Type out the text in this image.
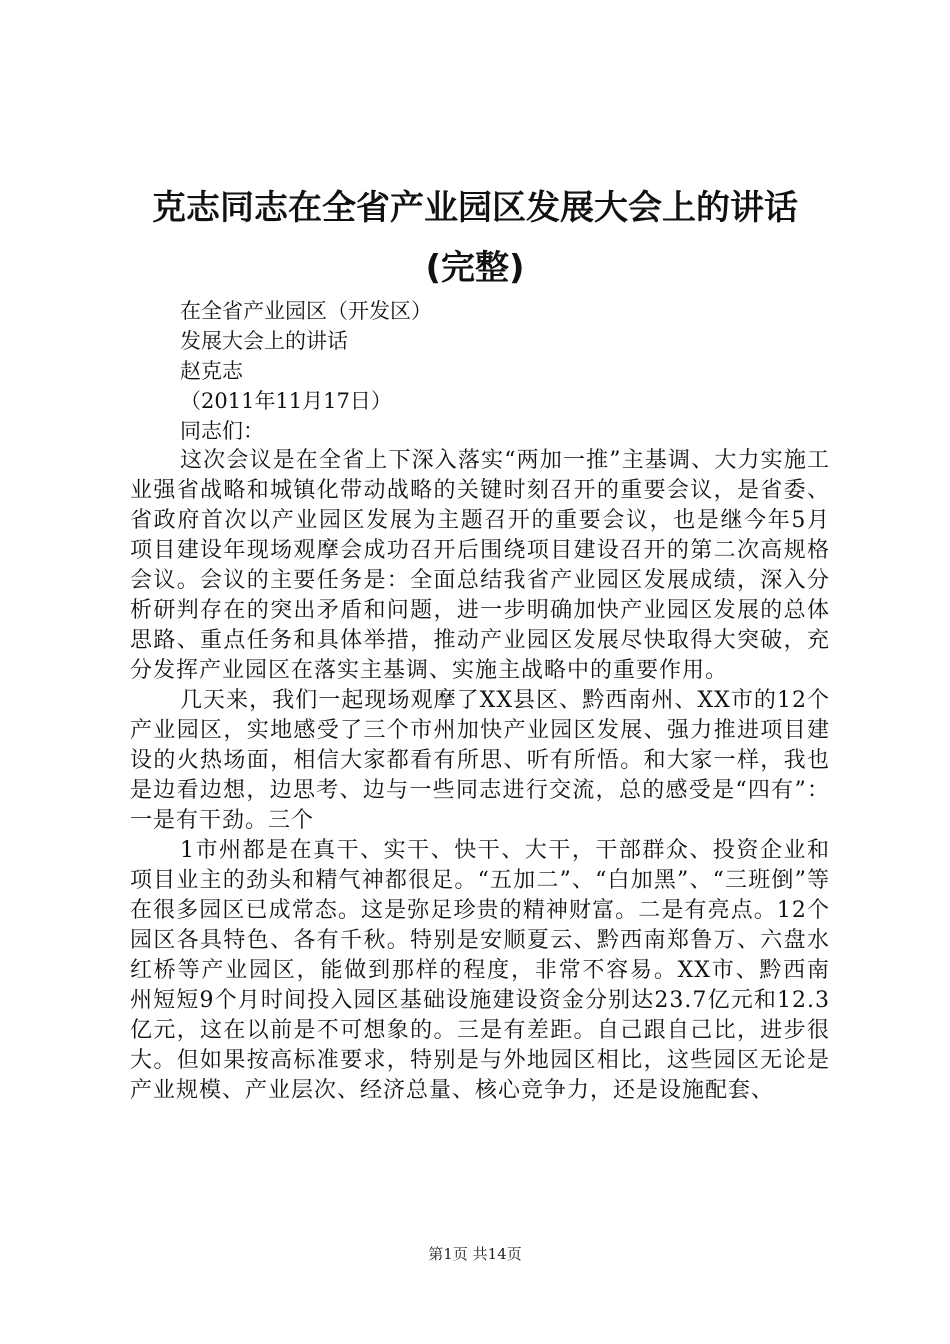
克志同志在全省产业园区发展大会上的讲话
(完整)

在全省产业园区（开发区）

发展大会上的讲话

赵克志

（2011年11月17日）

同志们：

这次会议是在全省上下深入落实“两加一推”主基调、大力实施工业强省战略和城镇化带动战略的关键时刻召开的重要会议，是省委、省政府首次以产业园区发展为主题召开的重要会议，也是继今年5月项目建设年现场观摩会成功召开后围绕项目建设召开的第二次高规格会议。会议的主要任务是：全面总结我省产业园区发展成绩，深入分析研判存在的突出矛盾和问题，进一步明确加快产业园区发展的总体思路、重点任务和具体举措，推动产业园区发展尽快取得大突破，充分发挥产业园区在落实主基调、实施主战略中的重要作用。

几天来，我们一起现场观摩了XX县区、黔西南州、XX市的12个产业园区，实地感受了三个市州加快产业园区发展、强力推进项目建设的火热场面，相信大家都看有所思、听有所悟。和大家一样，我也是边看边想，边思考、边与一些同志进行交流，总的感受是“四有”：一是有干劲。三个

1市州都是在真干、实干、快干、大干，干部群众、投资企业和项目业主的劲头和精气神都很足。“五加二”、“白加黑”、“三班倒”等在很多园区已成常态。这是弥足珍贵的精神财富。二是有亮点。12个园区各具特色、各有千秋。特别是安顺夏云、黔西南郑鲁万、六盘水红桥等产业园区，能做到那样的程度，非常不容易。XX市、黔西南州短短9个月时间投入园区基础设施建设资金分别达23.7亿元和12.3亿元，这在以前是不可想象的。三是有差距。自己跟自己比，进步很大。但如果按高标准要求，特别是与外地园区相比，这些园区无论是产业规模、产业层次、经济总量、核心竞争力，还是设施配套、

第1页 共14页
